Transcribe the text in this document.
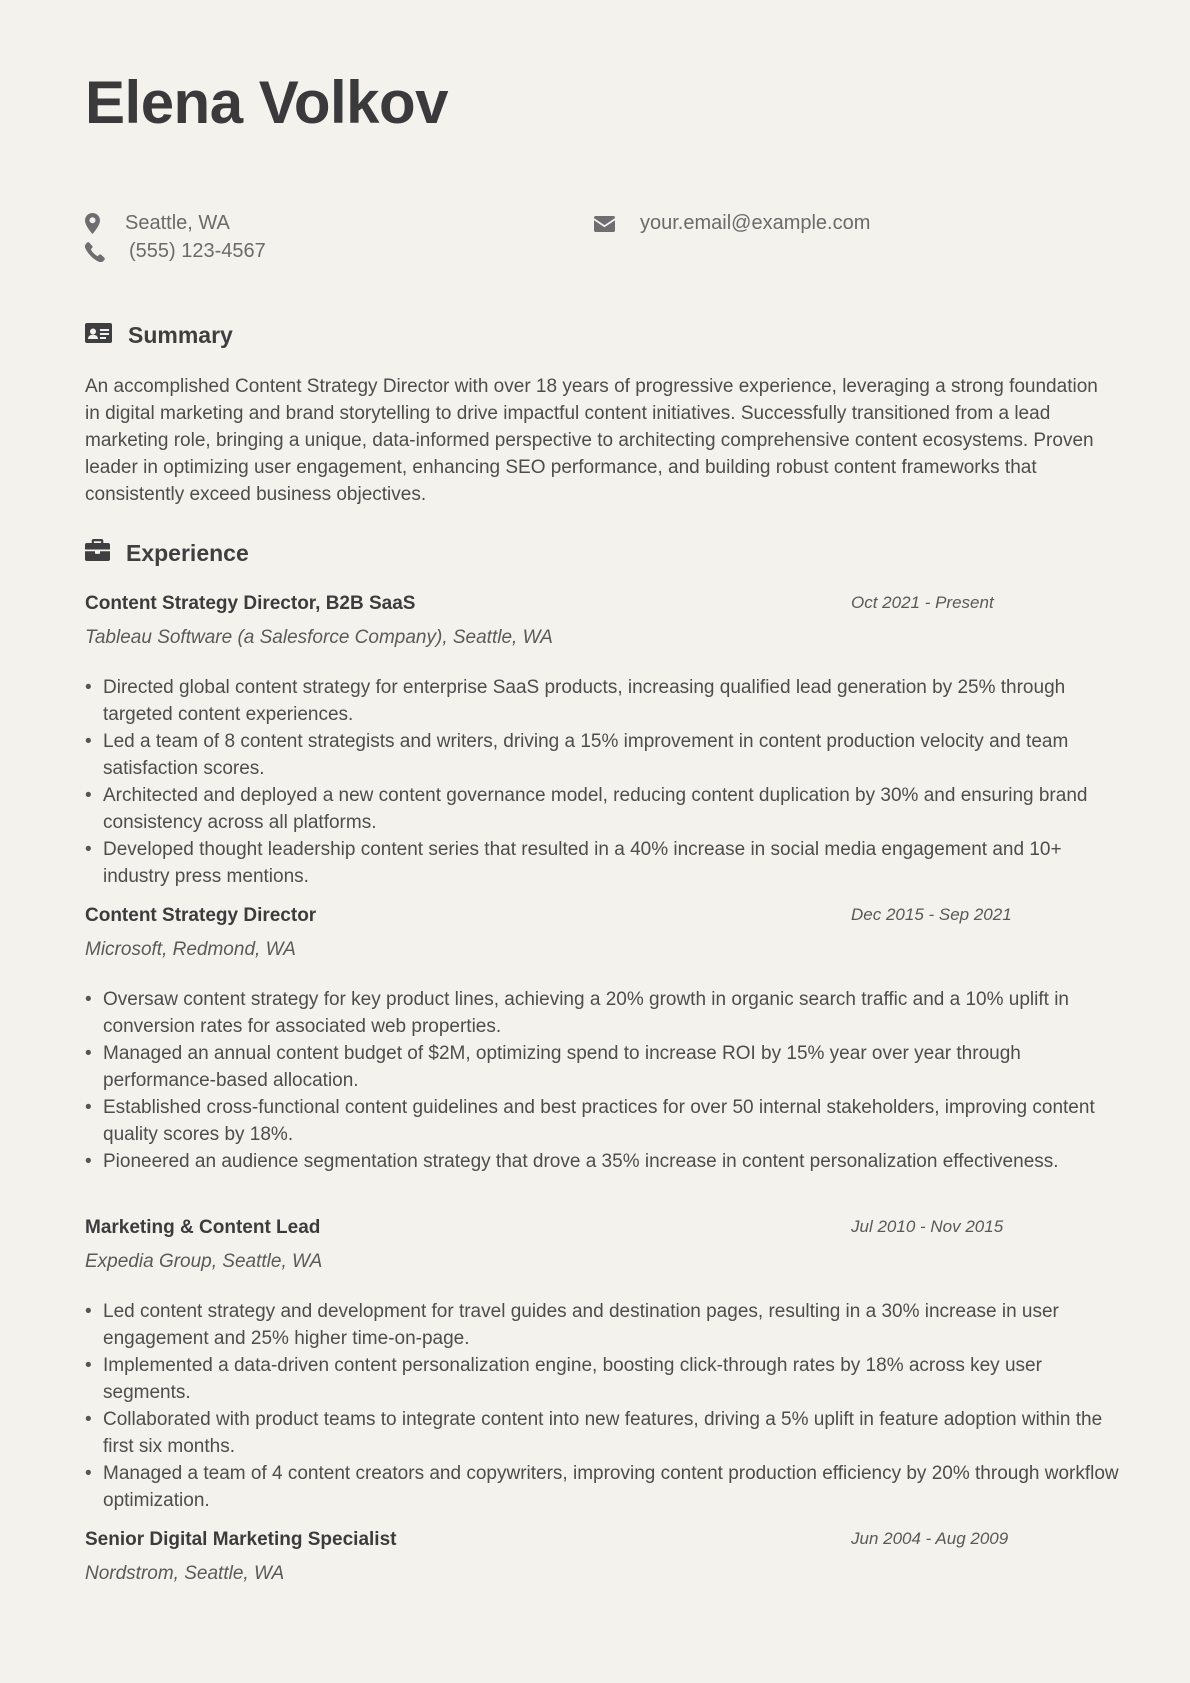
Elena Volkov
Seattle, WA
(555) 123-4567
your.email@example.com
Summary

An accomplished Content Strategy Director with over 18 years of progressive experience, leveraging a strong foundation in digital marketing and brand storytelling to drive impactful content initiatives. Successfully transitioned from a lead marketing role, bringing a unique, data-informed perspective to architecting comprehensive content ecosystems. Proven leader in optimizing user engagement, enhancing SEO performance, and building robust content frameworks that consistently exceed business objectives.

Experience
Content Strategy Director, B2B SaaS	Oct 2021 - Present
Tableau Software (a Salesforce Company), Seattle, WA
• Directed global content strategy for enterprise SaaS products, increasing qualified lead generation by 25% through targeted content experiences.
• Led a team of 8 content strategists and writers, driving a 15% improvement in content production velocity and team satisfaction scores.
• Architected and deployed a new content governance model, reducing content duplication by 30% and ensuring brand consistency across all platforms.
• Developed thought leadership content series that resulted in a 40% increase in social media engagement and 10+ industry press mentions.
Content Strategy Director	Dec 2015 - Sep 2021
Microsoft, Redmond, WA
• Oversaw content strategy for key product lines, achieving a 20% growth in organic search traffic and a 10% uplift in conversion rates for associated web properties.
• Managed an annual content budget of $2M, optimizing spend to increase ROI by 15% year over year through performance-based allocation.
• Established cross-functional content guidelines and best practices for over 50 internal stakeholders, improving content quality scores by 18%.
• Pioneered an audience segmentation strategy that drove a 35% increase in content personalization effectiveness.
Marketing & Content Lead	Jul 2010 - Nov 2015
Expedia Group, Seattle, WA
• Led content strategy and development for travel guides and destination pages, resulting in a 30% increase in user engagement and 25% higher time-on-page.
• Implemented a data-driven content personalization engine, boosting click-through rates by 18% across key user segments.
• Collaborated with product teams to integrate content into new features, driving a 5% uplift in feature adoption within the first six months.
• Managed a team of 4 content creators and copywriters, improving content production efficiency by 20% through workflow optimization.
Senior Digital Marketing Specialist	Jun 2004 - Aug 2009
Nordstrom, Seattle, WA
